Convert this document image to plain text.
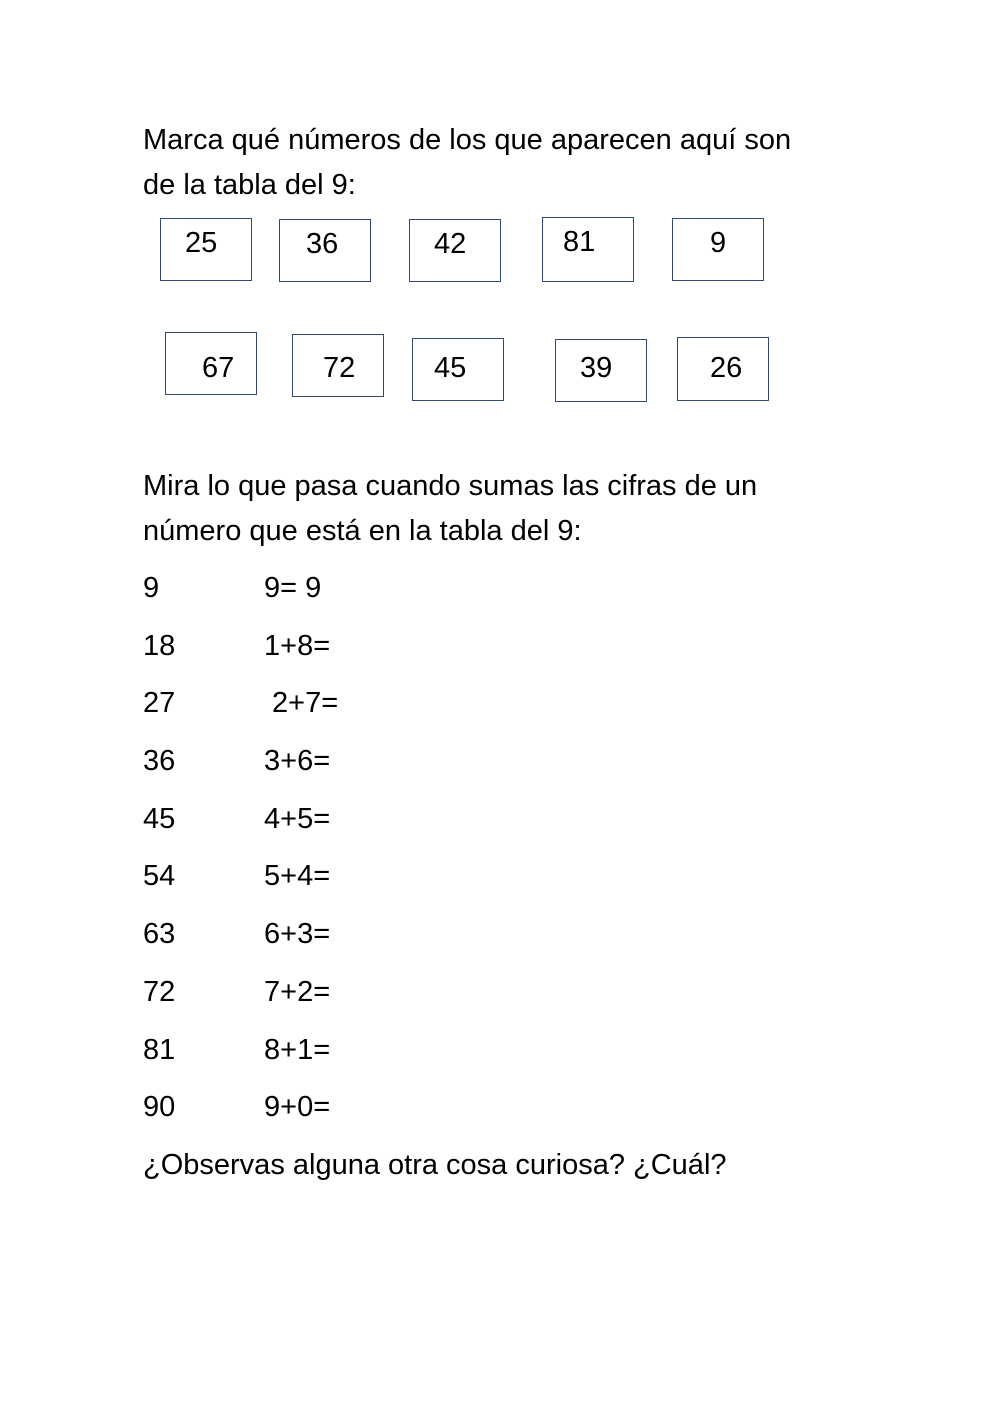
Marca qué números de los que aparecen aquí son
de la tabla del 9:

25	36	42	81	9
67	72	45	39	26

Mira lo que pasa cuando sumas las cifras de un
número que está en la tabla del 9:

9	9= 9
18	1+8=
27	2+7=
36	3+6=
45	4+5=
54	5+4=
63	6+3=
72	7+2=
81	8+1=
90	9+0=

¿Observas alguna otra cosa curiosa? ¿Cuál?
